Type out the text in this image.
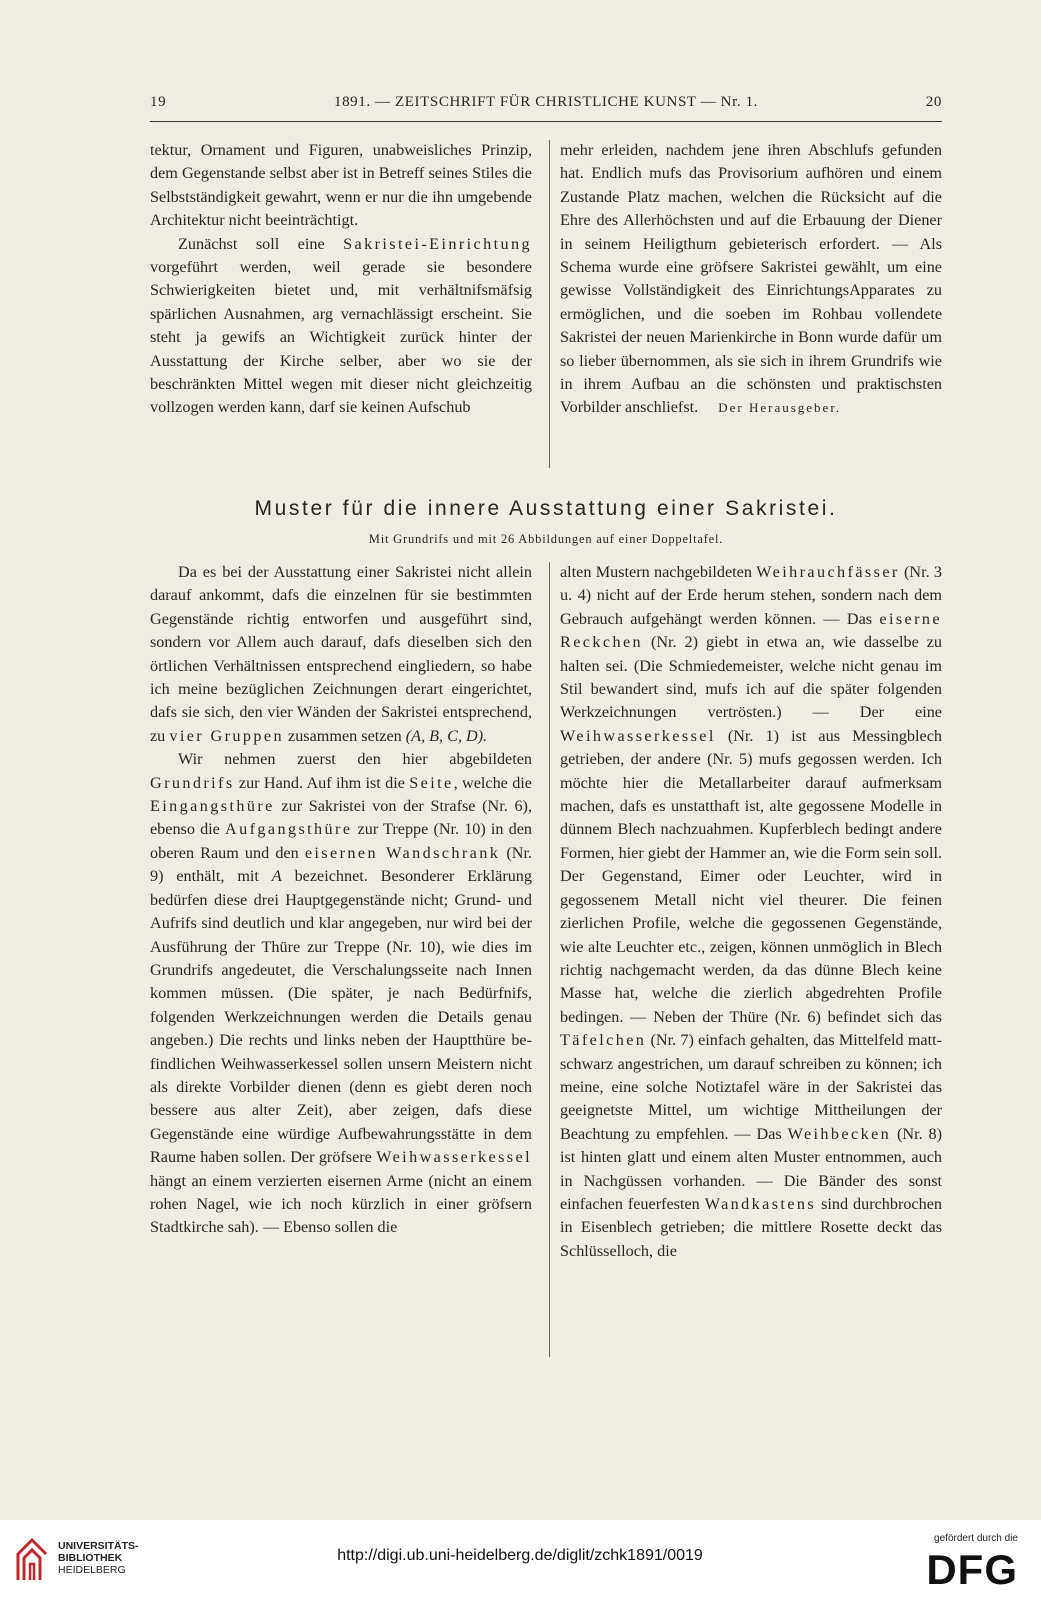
19	1891. — ZEITSCHRIFT FÜR CHRISTLICHE KUNST — Nr. 1.	20

tektur, Ornament und Figuren, unabweisliches Prinzip, dem Gegenstande selbst aber ist in Betreff seines Stiles die Selbstständigkeit gewahrt, wenn er nur die ihn umgebende Architektur nicht beeinträchtigt.

Zunächst soll eine Sakristei-Einrichtung vorgeführt werden, weil gerade sie besondere Schwierigkeiten bietet und, mit verhältnifsmäfsig spärlichen Ausnahmen, arg vernachlässigt erscheint. Sie steht ja gewifs an Wichtigkeit zurück hinter der Ausstattung der Kirche selber, aber wo sie der beschränkten Mittel wegen mit dieser nicht gleichzeitig vollzogen werden kann, darf sie keinen Aufschub

mehr erleiden, nachdem jene ihren Abschlufs gefunden hat. Endlich mufs das Provisorium aufhören und einem Zustande Platz machen, welchen die Rücksicht auf die Ehre des Allerhöchsten und auf die Erbauung der Diener in seinem Heiligthum gebieterisch erfordert. — Als Schema wurde eine gröfsere Sakristei gewählt, um eine gewisse Vollständigkeit des EinrichtungsApparates zu ermöglichen, und die soeben im Rohbau vollendete Sakristei der neuen Marienkirche in Bonn wurde dafür um so lieber übernommen, als sie sich in ihrem Grundrifs wie in ihrem Aufbau an die schönsten und praktischsten Vorbilder anschliefst. Der Herausgeber.

Muster für die innere Ausstattung einer Sakristei.
Mit Grundrifs und mit 26 Abbildungen auf einer Doppeltafel.

Da es bei der Ausstattung einer Sakristei nicht allein darauf ankommt, dafs die einzelnen für sie bestimmten Gegenstände richtig entworfen und ausgeführt sind, sondern vor Allem auch darauf, dafs dieselben sich den örtlichen Verhältnissen entsprechend eingliedern, so habe ich meine bezüglichen Zeichnungen derart eingerichtet, dafs sie sich, den vier Wänden der Sakristei entsprechend, zu vier Gruppen zusammen setzen (A, B, C, D).

Wir nehmen zuerst den hier abgebildeten Grundrifs zur Hand. Auf ihm ist die Seite, welche die Eingangsthüre zur Sakristei von der Strafse (Nr. 6), ebenso die Aufgangsthüre zur Treppe (Nr. 10) in den oberen Raum und den eisernen Wandschrank (Nr. 9) enthält, mit A bezeichnet. Besonderer Erklärung bedürfen diese drei Hauptgegenstände nicht; Grund- und Aufrifs sind deutlich und klar angegeben, nur wird bei der Ausführung der Thüre zur Treppe (Nr. 10), wie dies im Grundrifs angedeutet, die Verschalungsseite nach Innen kommen müssen. (Die später, je nach Bedürfnifs, folgenden Werkzeichnungen werden die Details genau angeben.) Die rechts und links neben der Hauptthüre befindlichen Weihwasserkessel sollen unsern Meistern nicht als direkte Vorbilder dienen (denn es giebt deren noch bessere aus alter Zeit), aber zeigen, dafs diese Gegenstände eine würdige Aufbewahrungsstätte in dem Raume haben sollen. Der gröfsere Weihwasserkessel hängt an einem verzierten eisernen Arme (nicht an einem rohen Nagel, wie ich noch kürzlich in einer gröfsern Stadtkirche sah). — Ebenso sollen die

alten Mustern nachgebildeten Weihrauchfässer (Nr. 3 u. 4) nicht auf der Erde herum stehen, sondern nach dem Gebrauch aufgehängt werden können. — Das eiserne Reckchen (Nr. 2) giebt in etwa an, wie dasselbe zu halten sei. (Die Schmiedemeister, welche nicht genau im Stil bewandert sind, mufs ich auf die später folgenden Werkzeichnungen vertrösten.) — Der eine Weihwasserkessel (Nr. 1) ist aus Messingblech getrieben, der andere (Nr. 5) mufs gegossen werden. Ich möchte hier die Metallarbeiter darauf aufmerksam machen, dafs es unstatthaft ist, alte gegossene Modelle in dünnem Blech nachzuahmen. Kupferblech bedingt andere Formen, hier giebt der Hammer an, wie die Form sein soll. Der Gegenstand, Eimer oder Leuchter, wird in gegossenem Metall nicht viel theurer. Die feinen zierlichen Profile, welche die gegossenen Gegenstände, wie alte Leuchter etc., zeigen, können unmöglich in Blech richtig nachgemacht werden, da das dünne Blech keine Masse hat, welche die zierlich abgedrehten Profile bedingen. — Neben der Thüre (Nr. 6) befindet sich das Täfelchen (Nr. 7) einfach gehalten, das Mittelfeld matt-schwarz angestrichen, um darauf schreiben zu können; ich meine, eine solche Notiztafel wäre in der Sakristei das geeignetste Mittel, um wichtige Mittheilungen der Beachtung zu empfehlen. — Das Weihbecken (Nr. 8) ist hinten glatt und einem alten Muster entnommen, auch in Nachgüssen vorhanden. — Die Bänder des sonst einfachen feuerfesten Wandkastens sind durchbrochen in Eisenblech getrieben; die mittlere Rosette deckt das Schlüsselloch, die

UNIVERSITÄTS-
BIBLIOTHEK
HEIDELBERG
http://digi.ub.uni-heidelberg.de/diglit/zchk1891/0019
gefördert durch die
DFG
